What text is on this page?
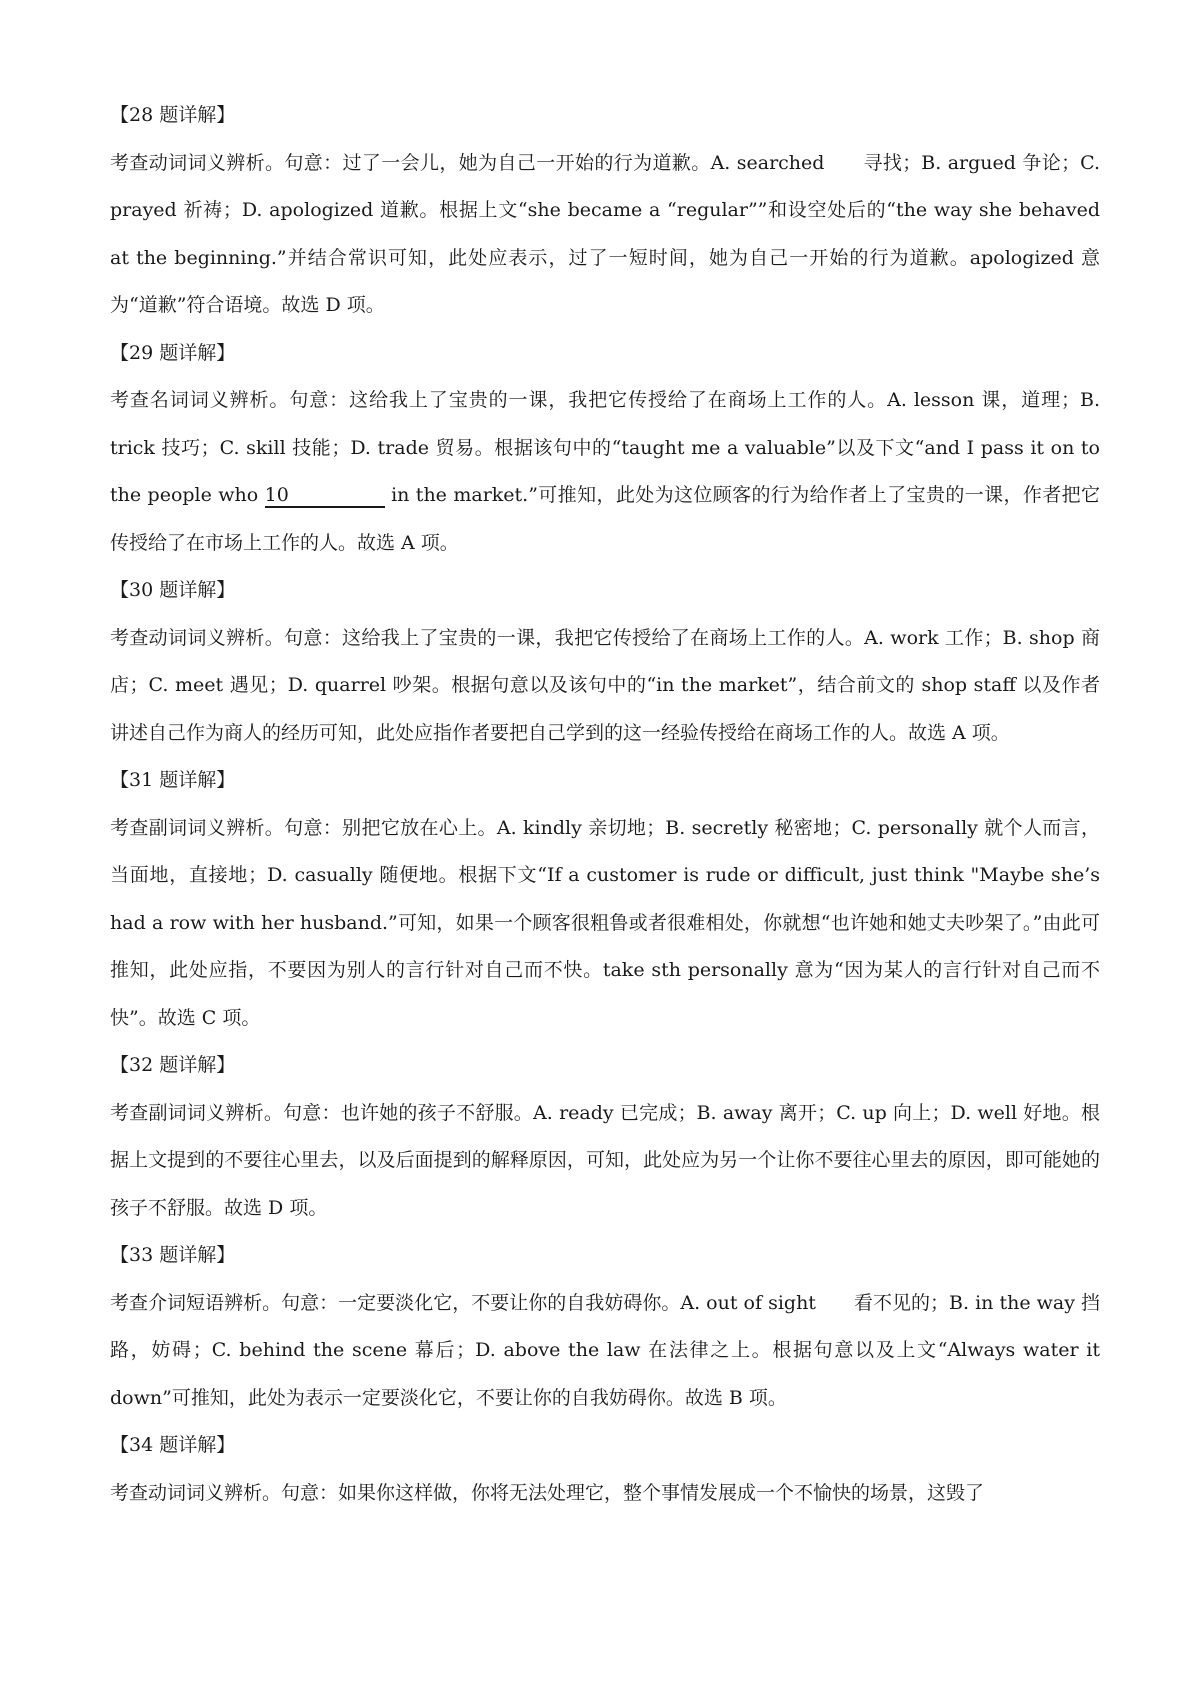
【28 题详解】
考查动词词义辨析。句意：过了一会儿，她为自己一开始的行为道歉。A. searched　　寻找；B. argued 争论；C. prayed 祈祷；D. apologized 道歉。根据上文“she became a “regular””和设空处后的“the way she behaved at the beginning.”并结合常识可知，此处应表示，过了一短时间，她为自己一开始的行为道歉。apologized 意为“道歉”符合语境。故选 D 项。
【29 题详解】
考查名词词义辨析。句意：这给我上了宝贵的一课，我把它传授给了在商场上工作的人。A. lesson 课，道理；B. trick 技巧；C. skill 技能；D. trade 贸易。根据该句中的“taught me a valuable”以及下文“and I pass it on to the people who 10	in the market.”可推知，此处为这位顾客的行为给作者上了宝贵的一课，作者把它传授给了在市场上工作的人。故选 A 项。
【30 题详解】
考查动词词义辨析。句意：这给我上了宝贵的一课，我把它传授给了在商场上工作的人。A. work 工作；B. shop 商店；C. meet 遇见；D. quarrel 吵架。根据句意以及该句中的“in the market”，结合前文的 shop staff 以及作者讲述自己作为商人的经历可知，此处应指作者要把自己学到的这一经验传授给在商场工作的人。故选 A 项。
【31 题详解】
考查副词词义辨析。句意：别把它放在心上。A. kindly 亲切地；B. secretly 秘密地；C. personally 就个人而言，当面地，直接地；D. casually 随便地。根据下文“If a customer is rude or difficult, just think "Maybe she’s had a row with her husband.”可知，如果一个顾客很粗鲁或者很难相处，你就想“也许她和她丈夫吵架了。”由此可推知，此处应指，不要因为别人的言行针对自己而不快。take sth personally 意为“因为某人的言行针对自己而不快”。故选 C 项。
【32 题详解】
考查副词词义辨析。句意：也许她的孩子不舒服。A. ready 已完成；B. away 离开；C. up 向上；D. well 好地。根据上文提到的不要往心里去，以及后面提到的解释原因，可知，此处应为另一个让你不要往心里去的原因，即可能她的孩子不舒服。故选 D 项。
【33 题详解】
考查介词短语辨析。句意：一定要淡化它，不要让你的自我妨碍你。A. out of sight　　看不见的；B. in the way 挡路，妨碍；C. behind the scene 幕后；D. above the law 在法律之上。根据句意以及上文“Always water it down”可推知，此处为表示一定要淡化它，不要让你的自我妨碍你。故选 B 项。
【34 题详解】
考查动词词义辨析。句意：如果你这样做，你将无法处理它，整个事情发展成一个不愉快的场景，这毁了
